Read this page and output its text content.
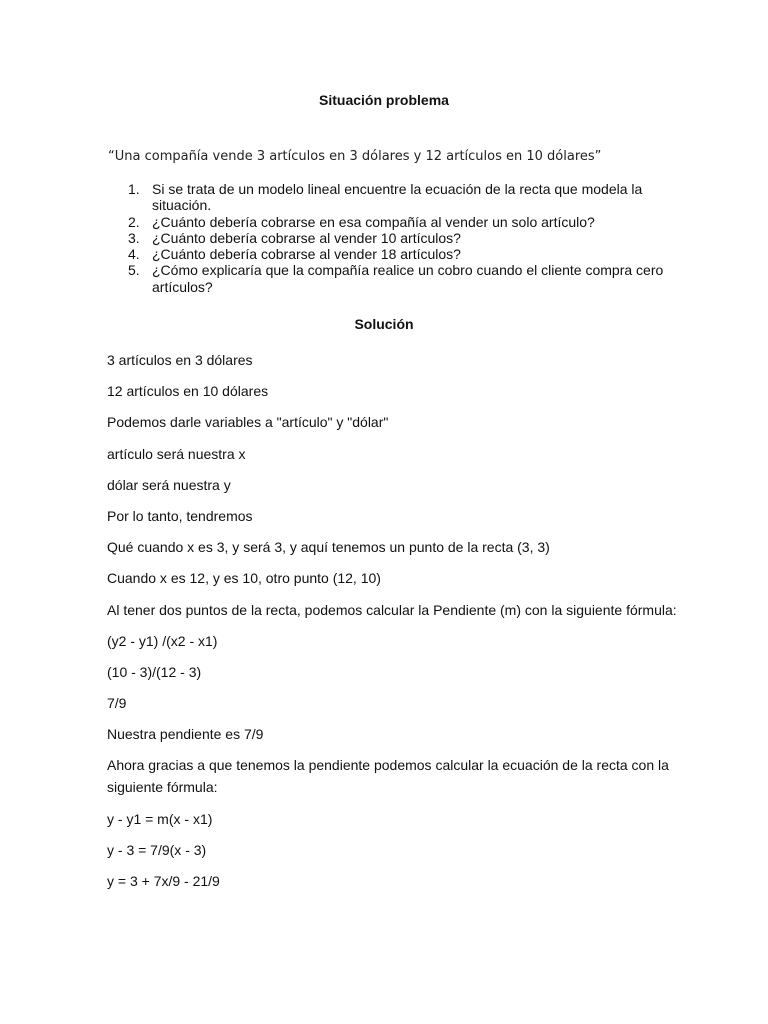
Situación problema
“Una compañía vende 3 artículos en 3 dólares y 12 artículos en 10 dólares”
1. Si se trata de un modelo lineal encuentre la ecuación de la recta que modela la situación.
2. ¿Cuánto debería cobrarse en esa compañía al vender un solo artículo?
3. ¿Cuánto debería cobrarse al vender 10 artículos?
4. ¿Cuánto debería cobrarse al vender 18 artículos?
5. ¿Cómo explicaría que la compañía realice un cobro cuando el cliente compra cero artículos?
Solución

3 artículos en 3 dólares

12 artículos en 10 dólares

Podemos darle variables a "artículo" y "dólar"

artículo será nuestra x

dólar será nuestra y

Por lo tanto, tendremos

Qué cuando x es 3, y será 3, y aquí tenemos un punto de la recta (3, 3)

Cuando x es 12, y es 10, otro punto (12, 10)

Al tener dos puntos de la recta, podemos calcular la Pendiente (m) con la siguiente fórmula:

(y2 - y1) /(x2 - x1)

(10 - 3)/(12 - 3)

7/9

Nuestra pendiente es 7/9

Ahora gracias a que tenemos la pendiente podemos calcular la ecuación de la recta con la siguiente fórmula:

y - y1 = m(x - x1)

y - 3 = 7/9(x - 3)

y = 3 + 7x/9 - 21/9
